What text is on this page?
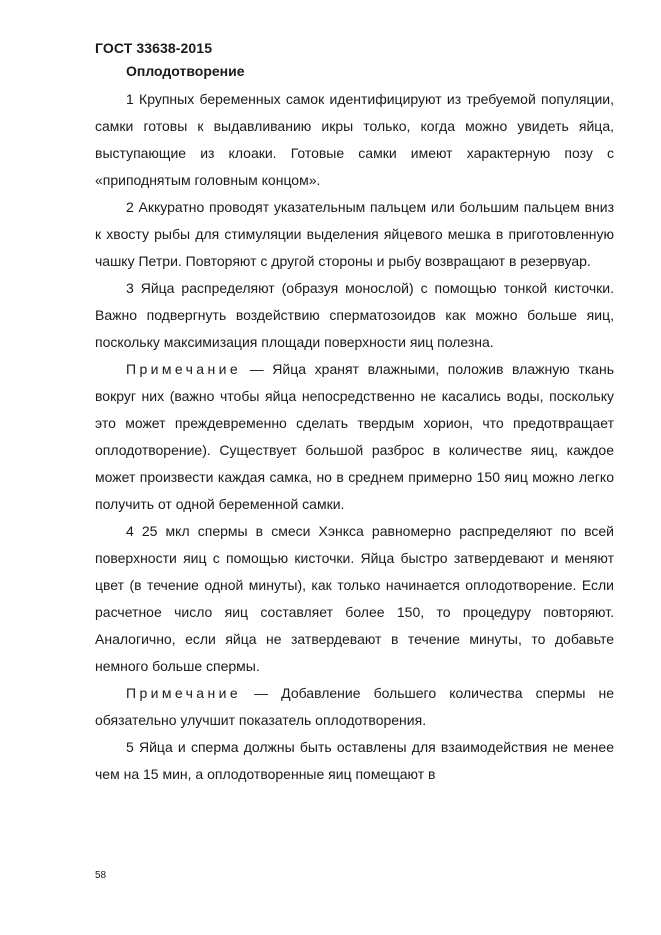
ГОСТ 33638-2015
Оплодотворение

1 Крупных беременных самок идентифицируют из требуемой популяции, самки готовы к выдавливанию икры только, когда можно увидеть яйца, выступающие из клоаки. Готовые самки имеют характерную позу с «приподнятым головным концом».

2 Аккуратно проводят указательным пальцем или большим пальцем вниз к хвосту рыбы для стимуляции выделения яйцевого мешка в приготовленную чашку Петри. Повторяют с другой стороны и рыбу возвращают в резервуар.

3 Яйца распределяют (образуя монослой) с помощью тонкой кисточки. Важно подвергнуть воздействию сперматозоидов как можно больше яиц, поскольку максимизация площади поверхности яиц полезна.

Примечание — Яйца хранят влажными, положив влажную ткань вокруг них (важно чтобы яйца непосредственно не касались воды, поскольку это может преждевременно сделать твердым хорион, что предотвращает оплодотворение). Существует большой разброс в количестве яиц, каждое может произвести каждая самка, но в среднем примерно 150 яиц можно легко получить от одной беременной самки.

4 25 мкл спермы в смеси Хэнкса равномерно распределяют по всей поверхности яиц с помощью кисточки. Яйца быстро затвердевают и меняют цвет (в течение одной минуты), как только начинается оплодотворение. Если расчетное число яиц составляет более 150, то процедуру повторяют. Аналогично, если яйца не затвердевают в течение минуты, то добавьте немного больше спермы.

Примечание — Добавление большего количества спермы не обязательно улучшит показатель оплодотворения.

5 Яйца и сперма должны быть оставлены для взаимодействия не менее чем на 15 мин, а оплодотворенные яиц помещают в

58
